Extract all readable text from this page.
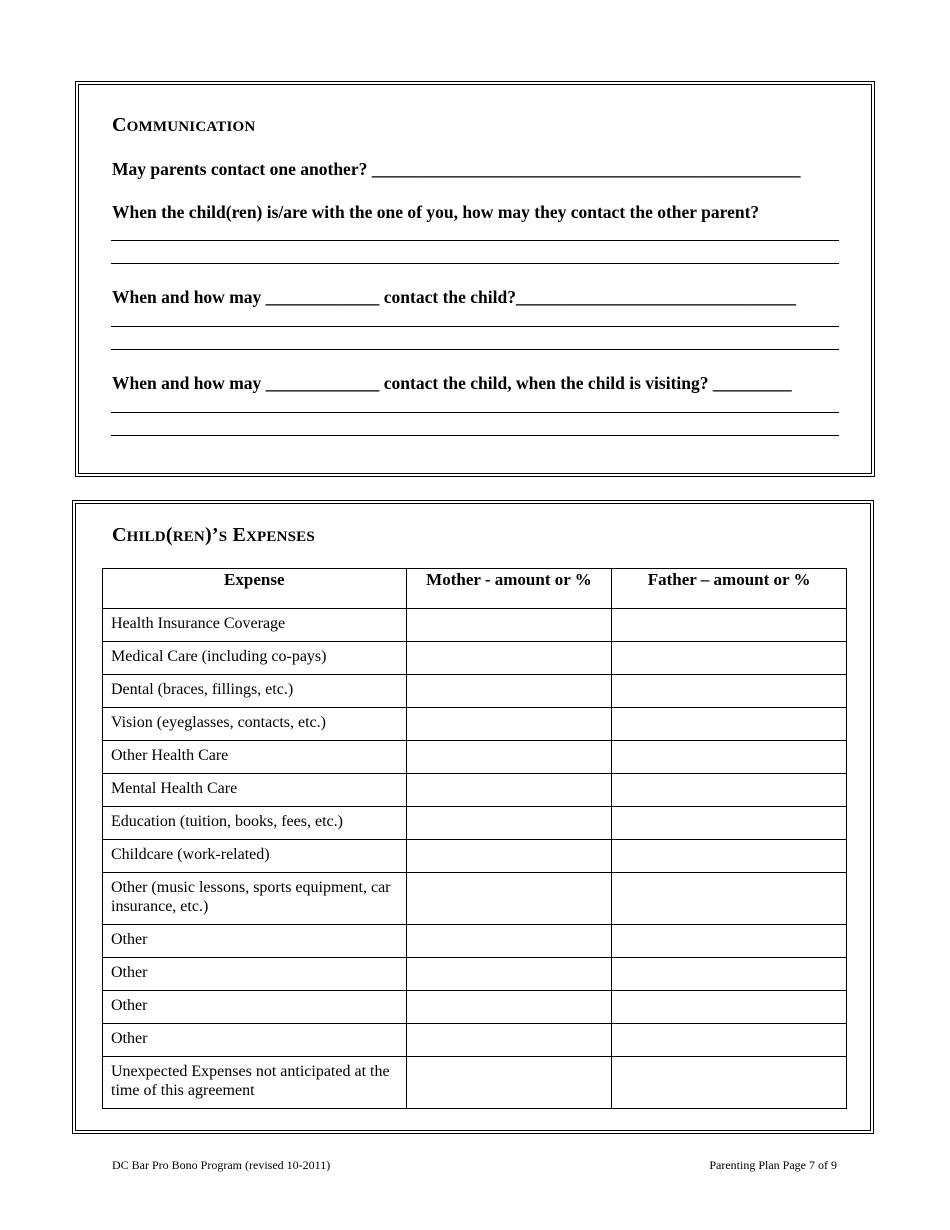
COMMUNICATION
May parents contact one another? _________________________________________________
When the child(ren) is/are with the one of you, how may they contact the other parent?
When and how may _____________ contact the child?________________________________
When and how may _____________ contact the child, when the child is visiting? _________
CHILD(REN)’S EXPENSES
Expense	Mother - amount or %	Father – amount or %
Health Insurance Coverage		
Medical Care (including co-pays)		
Dental (braces, fillings, etc.)		
Vision (eyeglasses, contacts, etc.)		
Other Health Care		
Mental Health Care		
Education (tuition, books, fees, etc.)		
Childcare (work-related)		
Other (music lessons, sports equipment, car insurance, etc.)		
Other		
Other		
Other		
Other		
Unexpected Expenses not anticipated at the time of this agreement		
DC Bar Pro Bono Program (revised 10-2011)	Parenting Plan Page 7 of 9
